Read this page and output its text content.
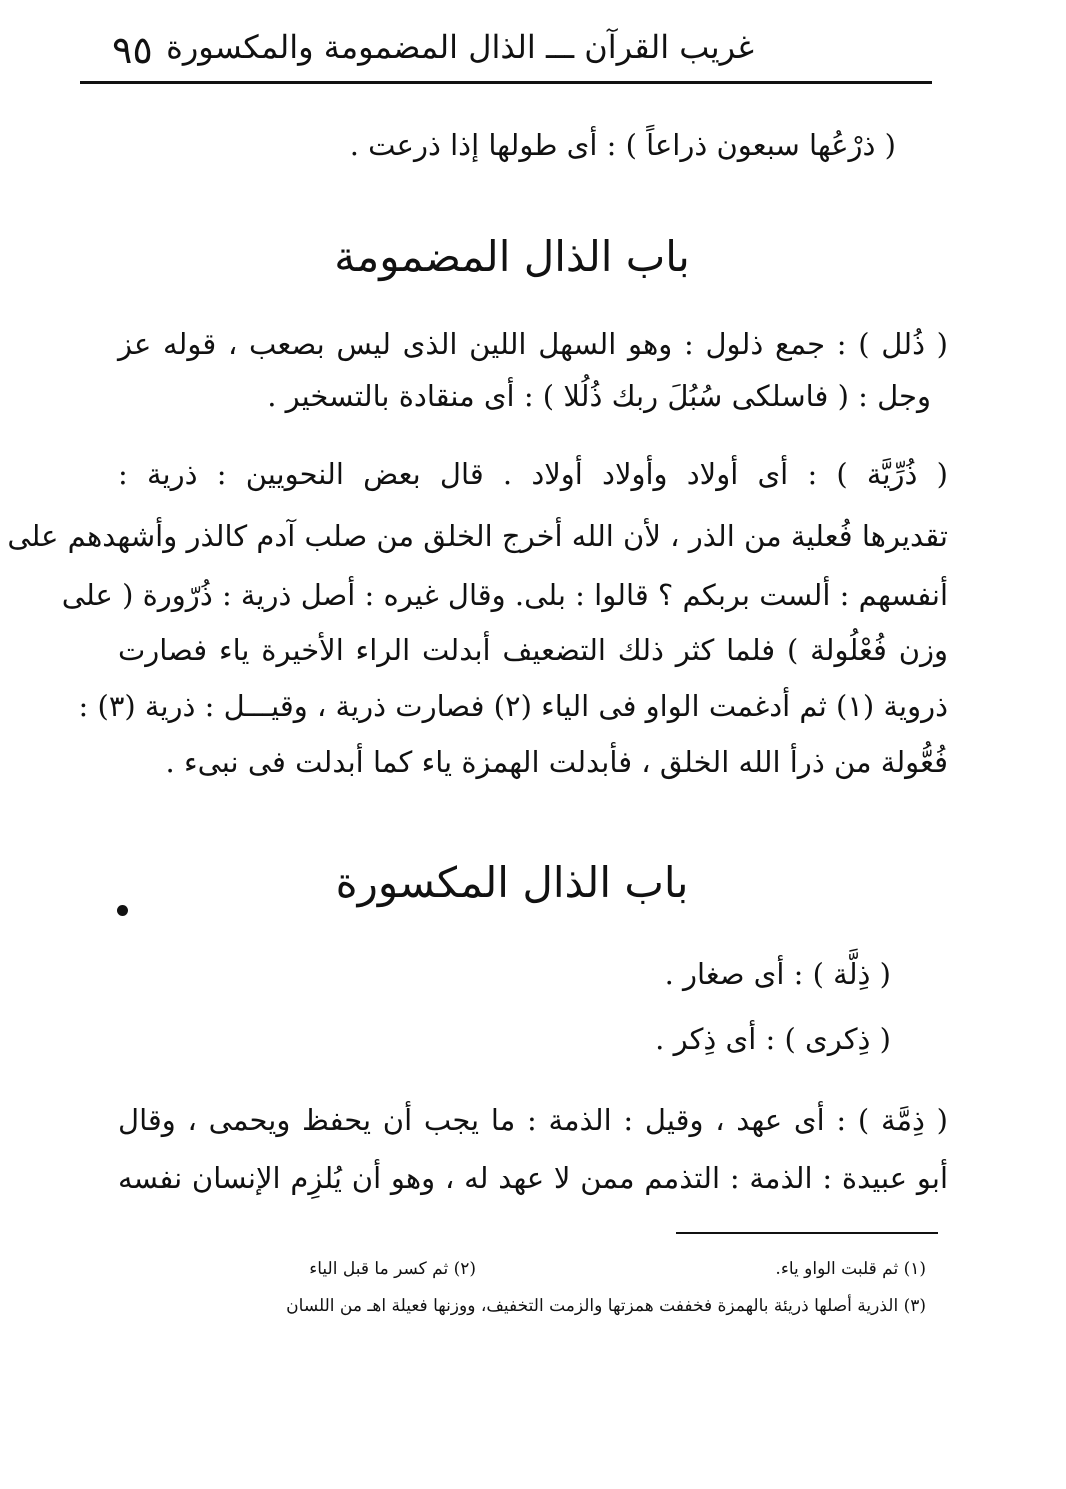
٩٥ غريب القرآن ـــ الذال المضمومة والمكسورة
( ذرْعُها سبعون ذراعاً ) : أى طولها إذا ذرعت .
باب الذال المضمومة
( ذُلل ) : جمع ذلول : وهو السهل اللين الذى ليس بصعب ، قوله عز
وجل : ( فاسلكى سُبُلَ ربك ذُلُلا ) : أى منقادة بالتسخير .
( ذُرِّيَّة ) : أى أولاد وأولاد أولاد . قال بعض النحويين : ذرية :
تقديرها فُعلية من الذر ، لأن الله أخرج الخلق من صلب آدم كالذر وأشهدهم على
أنفسهم : ألست بربكم ؟ قالوا : بلى. وقال غيره : أصل ذرية : ذُرّورة ( على
وزن فُعْلُولة ) فلما كثر ذلك التضعيف أبدلت الراء الأخيرة ياء فصارت
ذروية (١) ثم أدغمت الواو فى الياء (٢) فصارت ذرية ، وقيـــل : ذرية (٣) :
فُعُّولة من ذرأ الله الخلق ، فأبدلت الهمزة ياء كما أبدلت فى نبىء .
باب الذال المكسورة
( ذِلَّة ) : أى صغار .
( ذِكرى ) : أى ذِكر .
( ذِمَّة ) : أى عهد ، وقيل : الذمة : ما يجب أن يحفظ ويحمى ، وقال
أبو عبيدة : الذمة : التذمم ممن لا عهد له ، وهو أن يُلزِم الإنسان نفسه
(١) ثم قلبت الواو ياء.
(٢) ثم كسر ما قبل الياء
(٣) الذرية أصلها ذريئة بالهمزة فخففت همزتها والزمت التخفيف، ووزنها فعيلة اهـ من اللسان
